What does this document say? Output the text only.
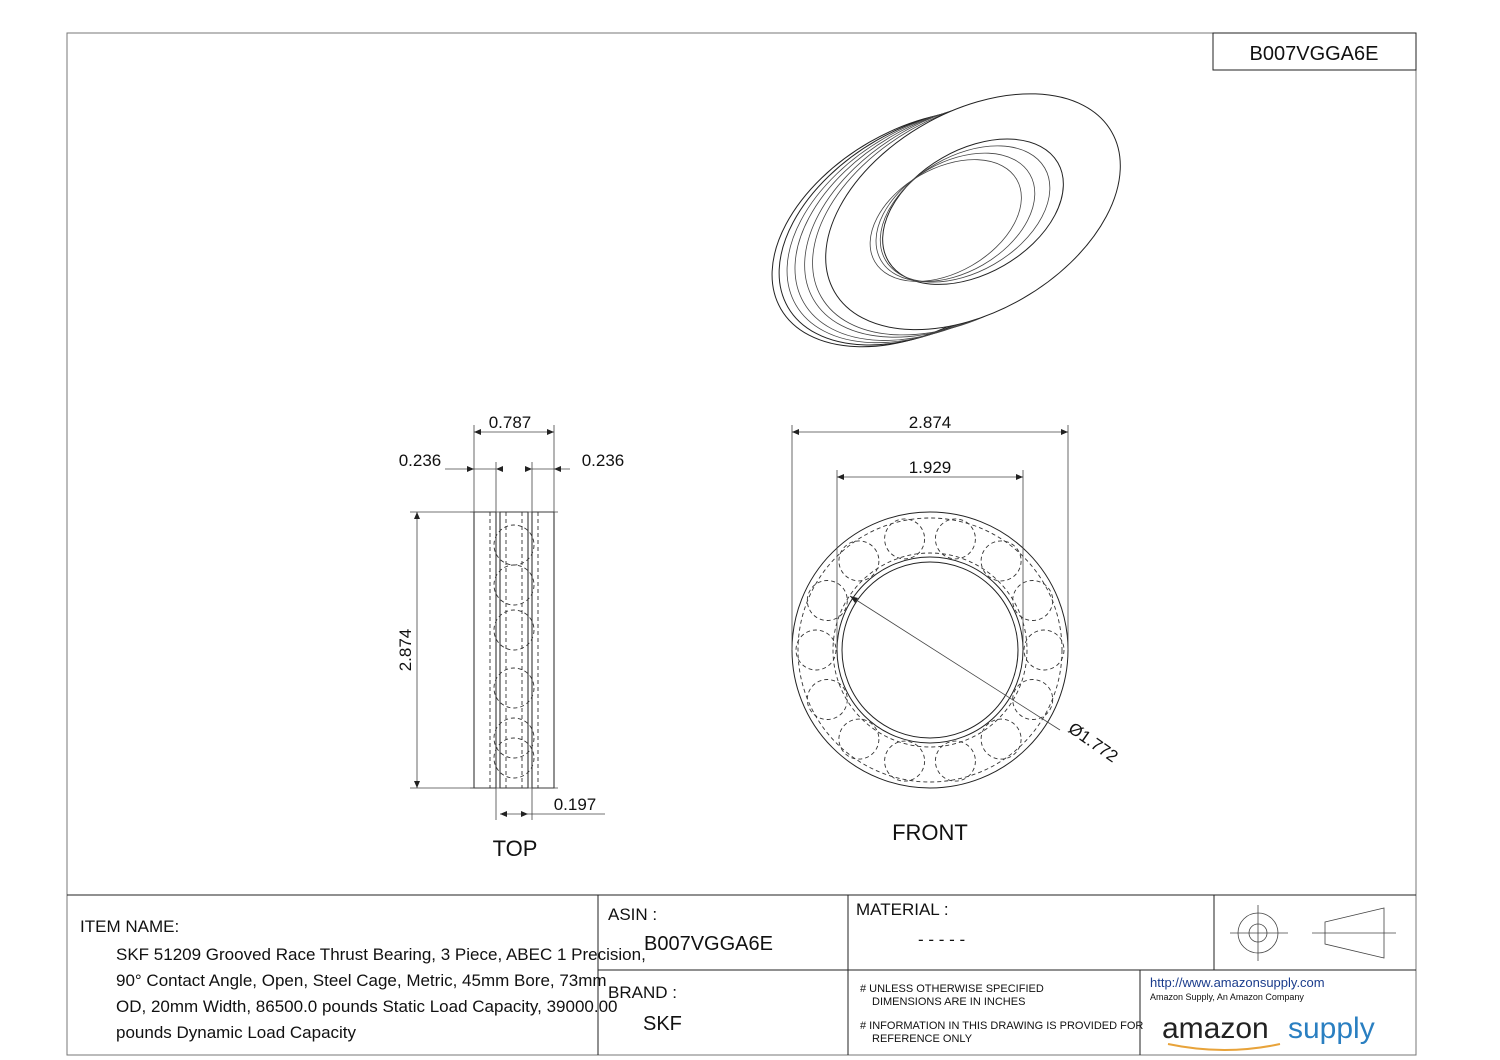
B007VGGA6E
0.787
0.236	0.236
2.874
0.197
TOP
2.874
1.929
Ø1.772
FRONT
ITEM NAME:
SKF 51209 Grooved Race Thrust Bearing, 3 Piece, ABEC 1 Precision,
90° Contact Angle, Open, Steel Cage, Metric, 45mm Bore, 73mm
OD, 20mm Width, 86500.0 pounds Static Load Capacity, 39000.00
pounds Dynamic Load Capacity
ASIN :
B007VGGA6E
MATERIAL :
- - - - -
BRAND :
SKF
# UNLESS OTHERWISE SPECIFIED
DIMENSIONS ARE IN INCHES
# INFORMATION IN THIS DRAWING IS PROVIDED FOR
REFERENCE ONLY
http://www.amazonsupply.com
Amazon Supply, An Amazon Company
amazon supply
